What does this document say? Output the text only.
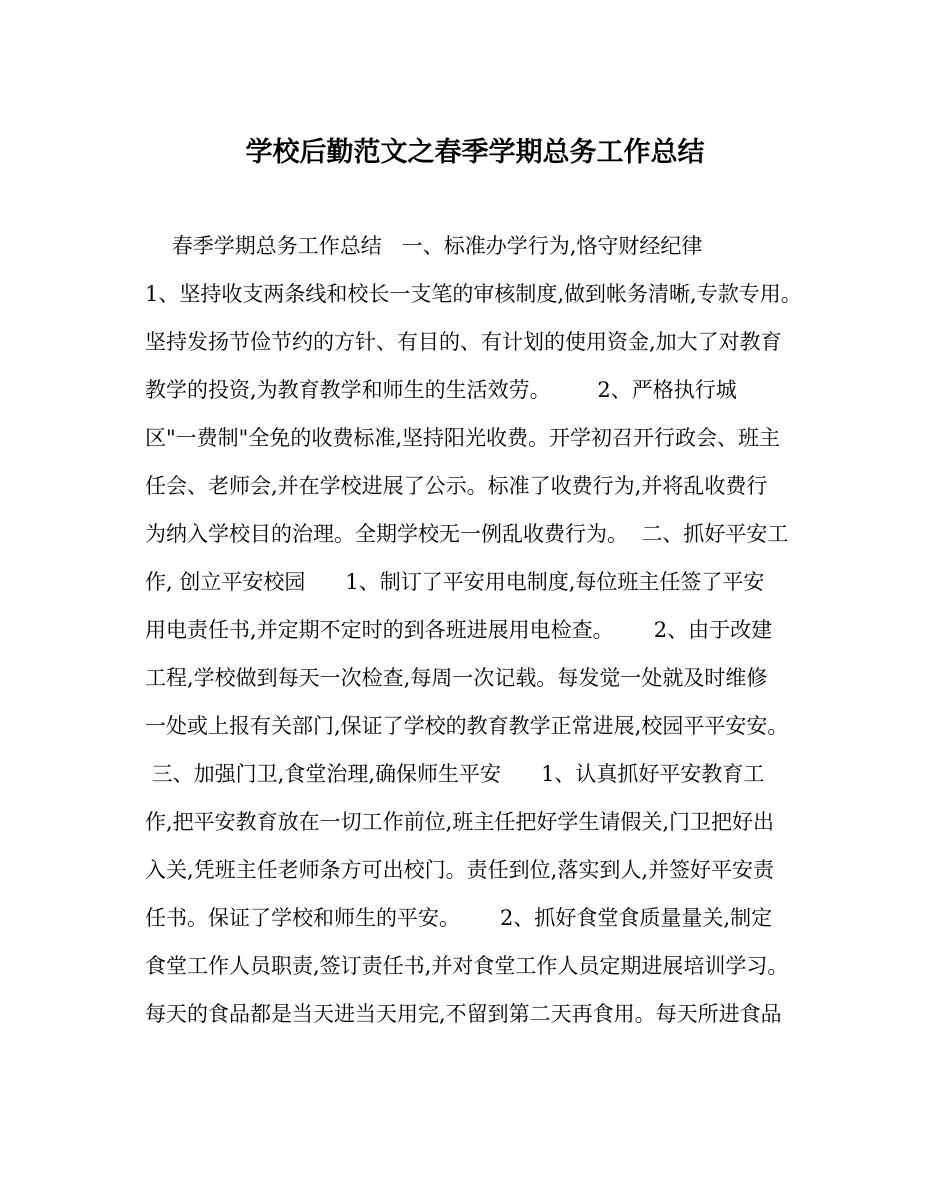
学校后勤范文之春季学期总务工作总结
春季学期总务工作总结   一、标准办学行为,恪守财经纪律
1、坚持收支两条线和校长一支笔的审核制度,做到帐务清晰,专款专用。
坚持发扬节俭节约的方针、有目的、有计划的使用资金,加大了对教育
教学的投资,为教育教学和师生的生活效劳。       2、严格执行城
区"一费制"全免的收费标准,坚持阳光收费。开学初召开行政会、班主
任会、老师会,并在学校进展了公示。标准了收费行为,并将乱收费行
为纳入学校目的治理。全期学校无一例乱收费行为。  二、抓好平安工
作, 创立平安校园      1、制订了平安用电制度,每位班主任签了平安
用电责任书,并定期不定时的到各班进展用电检查。      2、由于改建
工程,学校做到每天一次检查,每周一次记载。每发觉一处就及时维修
一处或上报有关部门,保证了学校的教育教学正常进展,校园平平安安。
三、加强门卫,食堂治理,确保师生平安      1、认真抓好平安教育工
作,把平安教育放在一切工作前位,班主任把好学生请假关,门卫把好出
入关,凭班主任老师条方可出校门。责任到位,落实到人,并签好平安责
任书。保证了学校和师生的平安。      2、抓好食堂食质量量关,制定
食堂工作人员职责,签订责任书,并对食堂工作人员定期进展培训学习。
每天的食品都是当天进当天用完,不留到第二天再食用。每天所进食品
